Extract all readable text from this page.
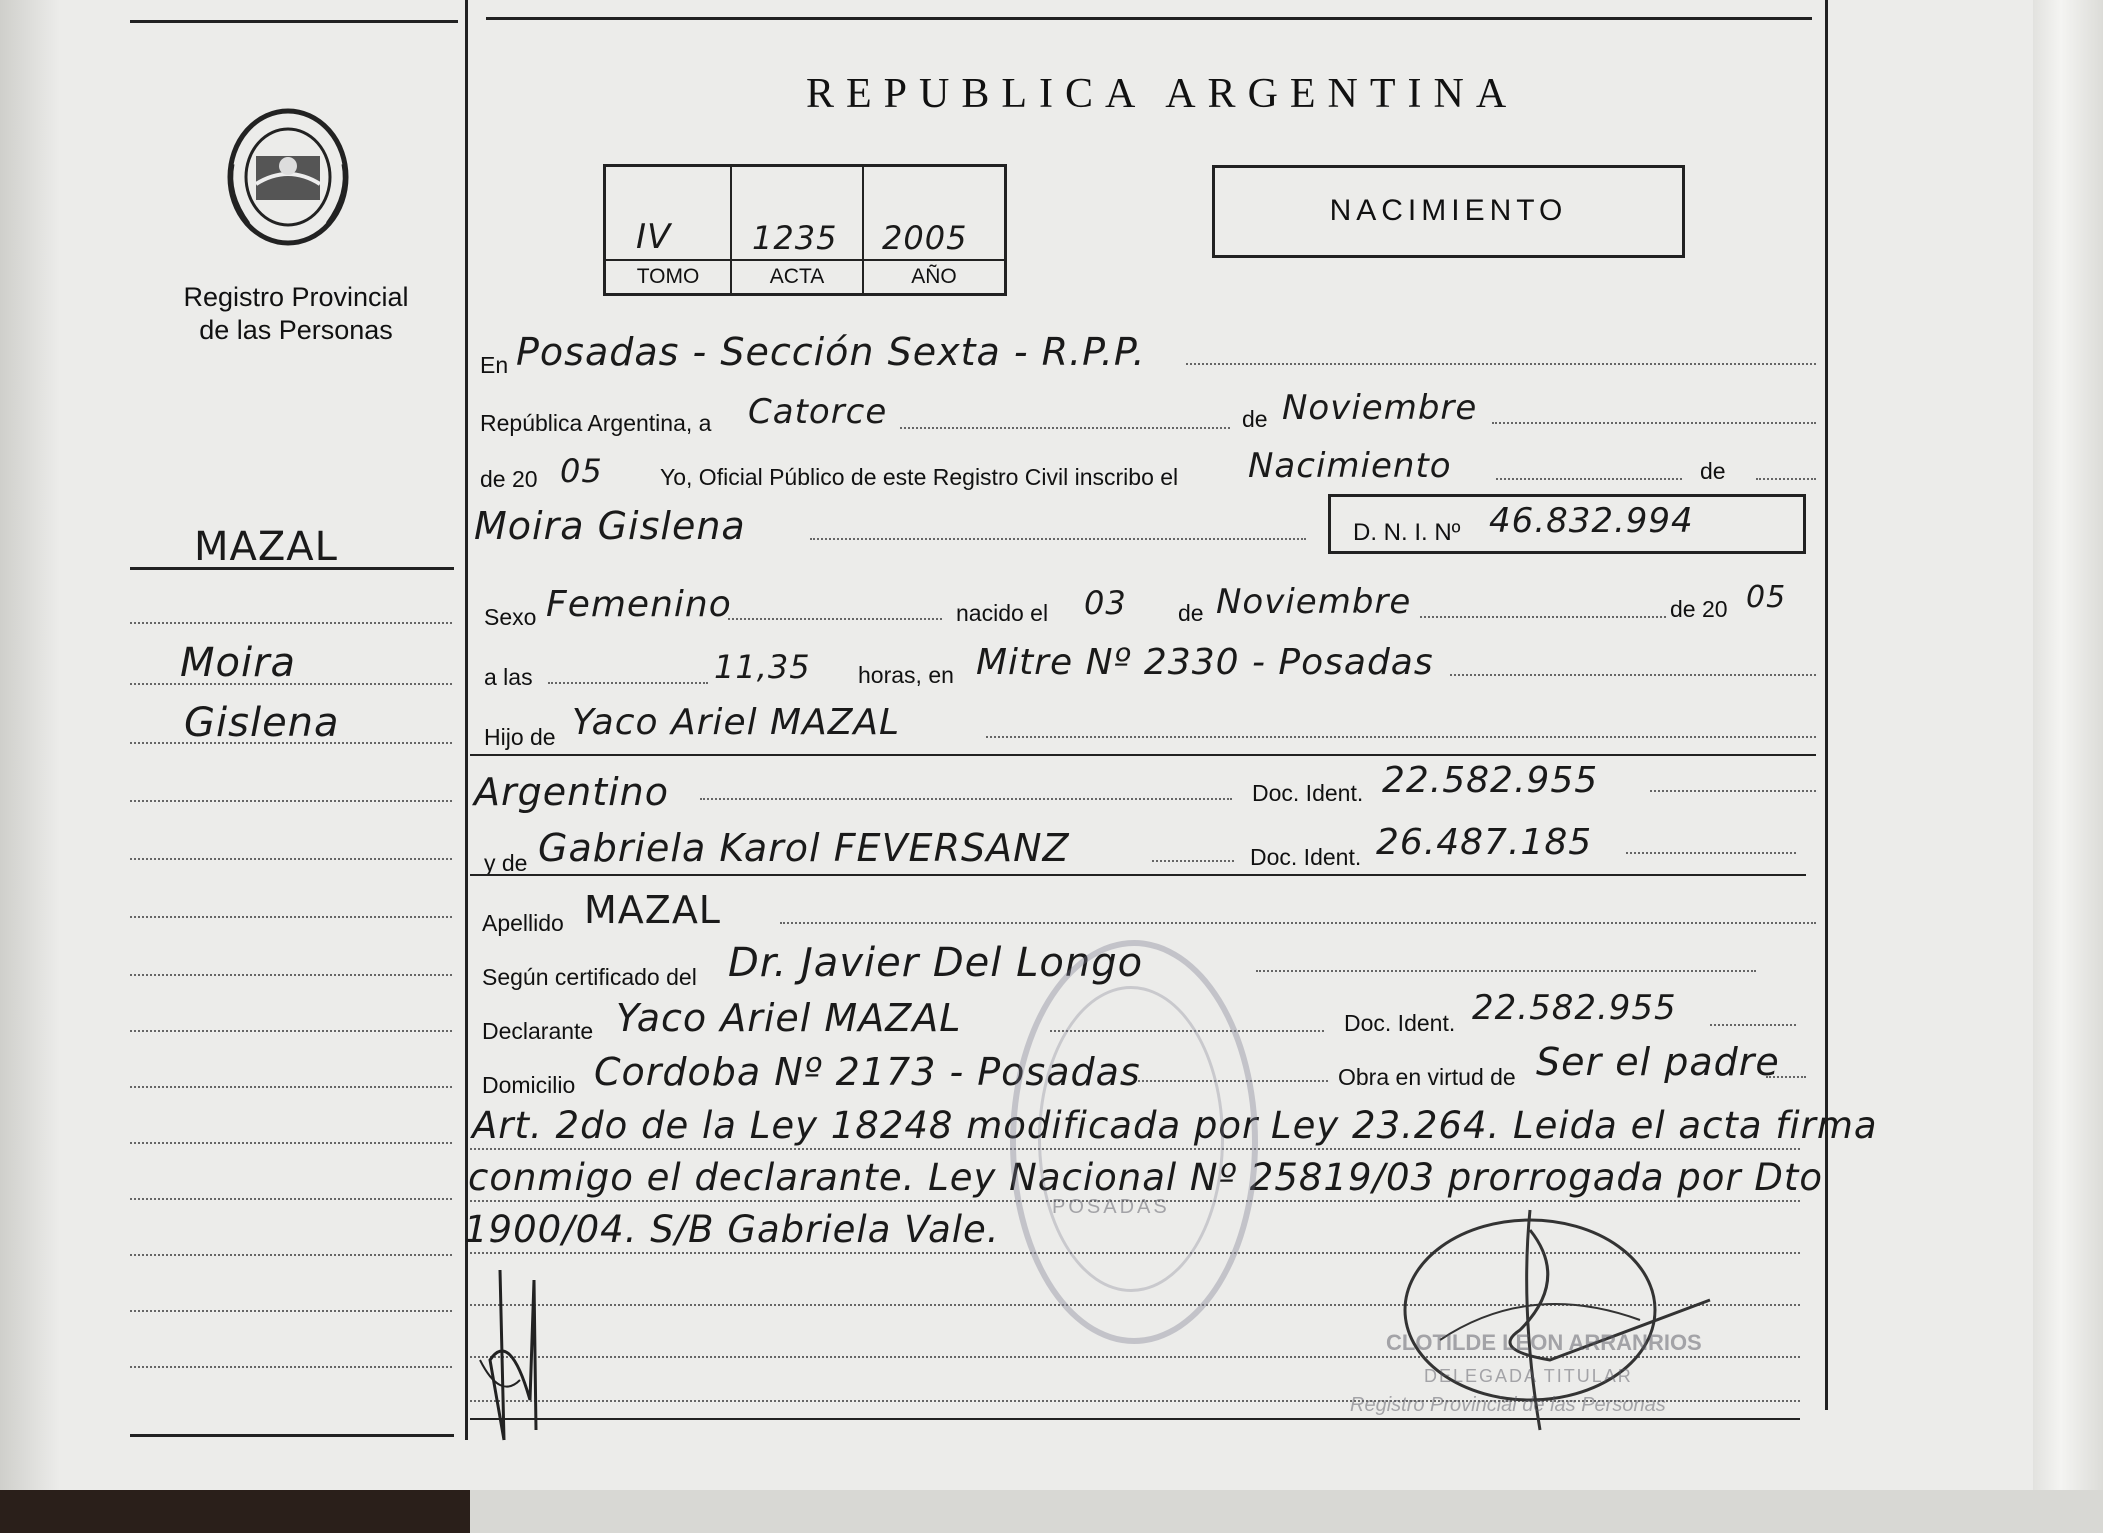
Registro Provincial
de las Personas
REPUBLICA ARGENTINA
IV	1235 2005
TOMO	ACTA	AÑO
NACIMIENTO
MAZAL
Moira
Gislena
En Posadas - Sección Sexta - R.P.P.
República Argentina, a Catorce	de Noviembre
de 20 05 Yo, Oficial Público de este Registro Civil inscribo el Nacimiento	de
Moira Gislena	D. N. I. Nº 46.832.994
Sexo Femenino	nacido el 03 de Noviembre	de 20 05
a las	11,35 horas, en Mitre Nº 2330 - Posadas
Hijo de Yaco Ariel MAZAL
Argentino	Doc. Ident. 22.582.955
y de Gabriela Karol FEVERSANZ	Doc. Ident. 26.487.185
Apellido MAZAL
Según certificado del Dr. Javier Del Longo
Declarante Yaco Ariel MAZAL	Doc. Ident. 22.582.955
Domicilio Cordoba Nº 2173 - Posadas	Obra en virtud de Ser el padre
Art. 2do de la Ley 18248 modificada por Ley 23.264. Leida el acta firma
conmigo el declarante. Ley Nacional Nº 25819/03 prorrogada por Dto
1900/04. S/B Gabriela Vale.
POSADAS
CLOTILDE LEON ARRANRIOS
DELEGADA TITULAR
Registro Provincial de las Personas
